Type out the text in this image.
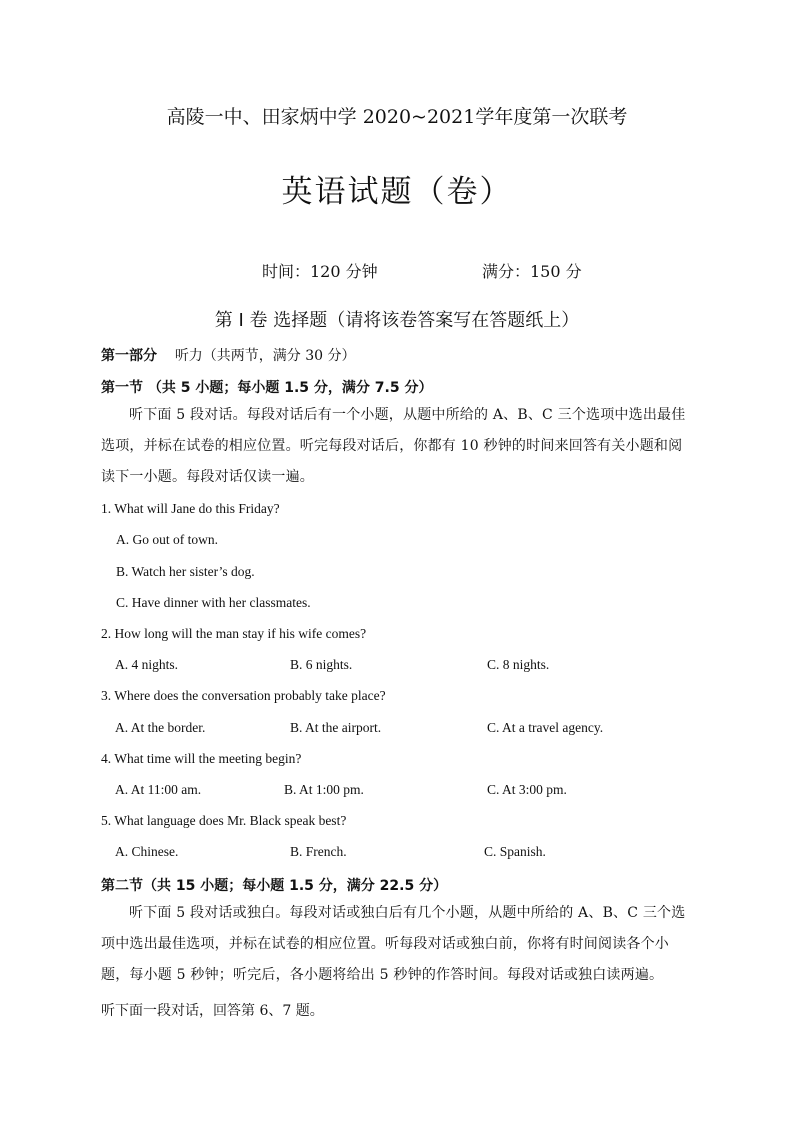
高陵一中、田家炳中学 2020~2021学年度第一次联考
英语试题（卷）
时间：120 分钟	满分：150 分
第 I 卷 选择题（请将该卷答案写在答题纸上）
第一部分 听力（共两节，满分 30 分）
第一节 （共 5 小题；每小题 1.5 分，满分 7.5 分）
听下面 5 段对话。每段对话后有一个小题，从题中所给的 A、B、C 三个选项中选出最佳选项，并标在试卷的相应位置。听完每段对话后，你都有 10 秒钟的时间来回答有关小题和阅读下一小题。每段对话仅读一遍。
1. What will Jane do this Friday?
A. Go out of town.
B. Watch her sister’s dog.
C. Have dinner with her classmates.
2. How long will the man stay if his wife comes?
A. 4 nights.	B. 6 nights.	C. 8 nights.
3. Where does the conversation probably take place?
A. At the border.	B. At the airport.	C. At a travel agency.
4. What time will the meeting begin?
A. At 11:00 am.	B. At 1:00 pm.	C. At 3:00 pm.
5. What language does Mr. Black speak best?
A. Chinese.	B. French.	C. Spanish.
第二节（共 15 小题；每小题 1.5 分，满分 22.5 分）
听下面 5 段对话或独白。每段对话或独白后有几个小题，从题中所给的 A、B、C 三个选项中选出最佳选项，并标在试卷的相应位置。听每段对话或独白前，你将有时间阅读各个小题，每小题 5 秒钟；听完后，各小题将给出 5 秒钟的作答时间。每段对话或独白读两遍。
听下面一段对话，回答第 6、7 题。
